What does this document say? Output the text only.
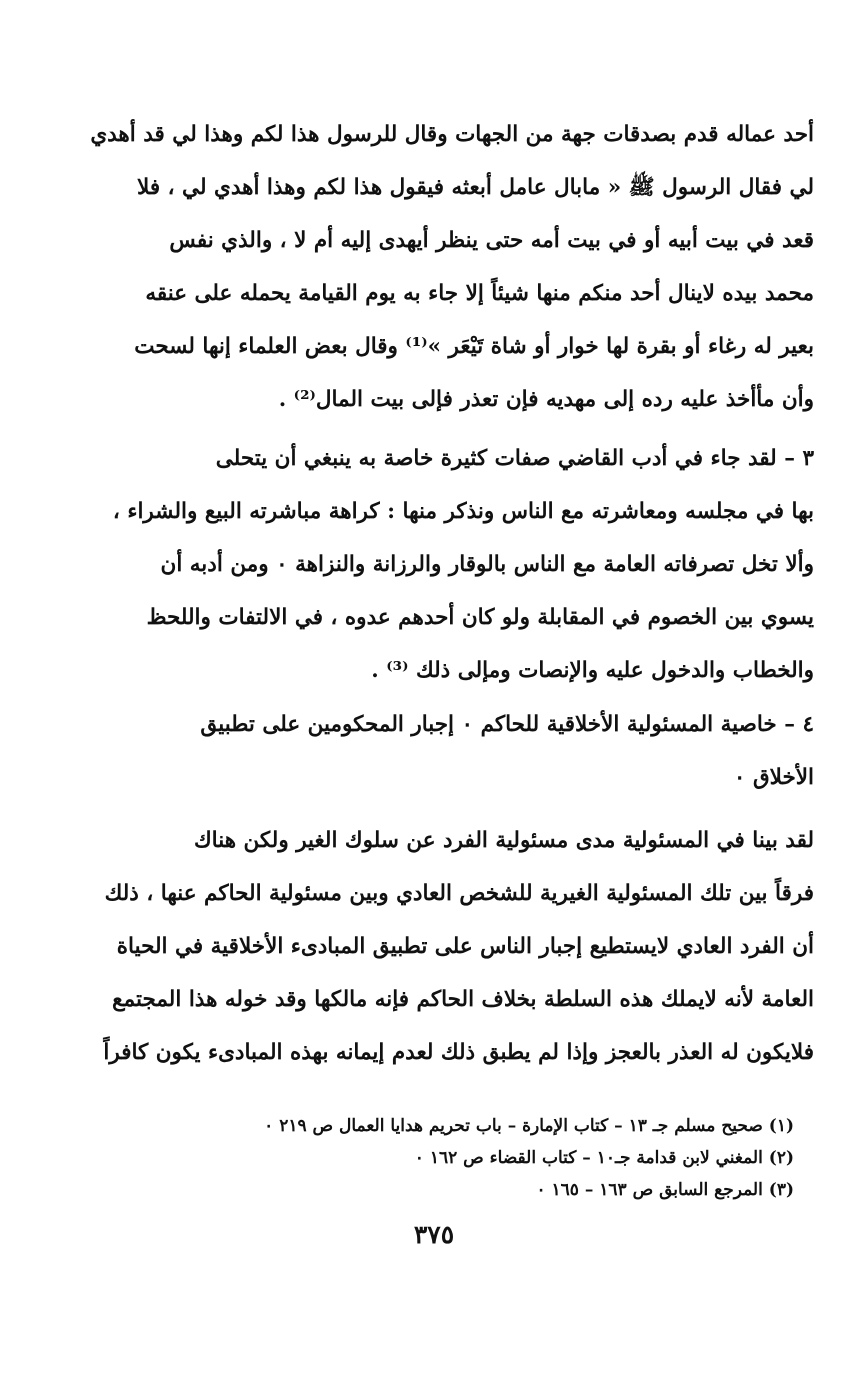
أحد عماله قدم بصدقات جهة من الجهات وقال للرسول هذا لكم وهذا لي قد أهدي
لي فقال الرسول ﷺ « مابال عامل أبعثه فيقول هذا لكم وهذا أهدي لي ، فلا
قعد في بيت أبيه أو في بيت أمه حتى ينظر أيهدى إليه أم لا ، والذي نفس
محمد بيده لاينال أحد منكم منها شيئاً إلا جاء به يوم القيامة يحمله على عنقه
بعير له رغاء أو بقرة لها خوار أو شاة تَيْعَر »⁽¹⁾ وقال بعض العلماء إنها لسحت
وأن مأأخذ عليه رده إلى مهديه فإن تعذر فإلى بيت المال⁽²⁾ .
٣ – لقد جاء في أدب القاضي صفات كثيرة خاصة به ينبغي أن يتحلى
بها في مجلسه ومعاشرته مع الناس ونذكر منها : كراهة مباشرته البيع والشراء ،
وألا تخل تصرفاته العامة مع الناس بالوقار والرزانة والنزاهة ٠ ومن أدبه أن
يسوي بين الخصوم في المقابلة ولو كان أحدهم عدوه ، في الالتفات واللحظ
والخطاب والدخول عليه والإنصات ومإلى ذلك ⁽³⁾ .
٤ – خاصية المسئولية الأخلاقية للحاكم ٠ إجبار المحكومين على تطبيق
الأخلاق ٠
لقد بينا في المسئولية مدى مسئولية الفرد عن سلوك الغير ولكن هناك
فرقاً بين تلك المسئولية الغيرية للشخص العادي وبين مسئولية الحاكم عنها ، ذلك
أن الفرد العادي لايستطيع إجبار الناس على تطبيق المبادىء الأخلاقية في الحياة
العامة لأنه لايملك هذه السلطة بخلاف الحاكم فإنه مالكها وقد خوله هذا المجتمع
فلايكون له العذر بالعجز وإذا لم يطبق ذلك لعدم إيمانه بهذه المبادىء يكون كافراً
(١) صحيح مسلم جـ ١٣ – كتاب الإمارة – باب تحريم هدايا العمال ص ٢١٩ ٠
(٢) المغني لابن قدامة جـ١٠ – كتاب القضاء ص ١٦٢ ٠
(٣) المرجع السابق ص ١٦٣ – ١٦٥ ٠
٣٧٥
